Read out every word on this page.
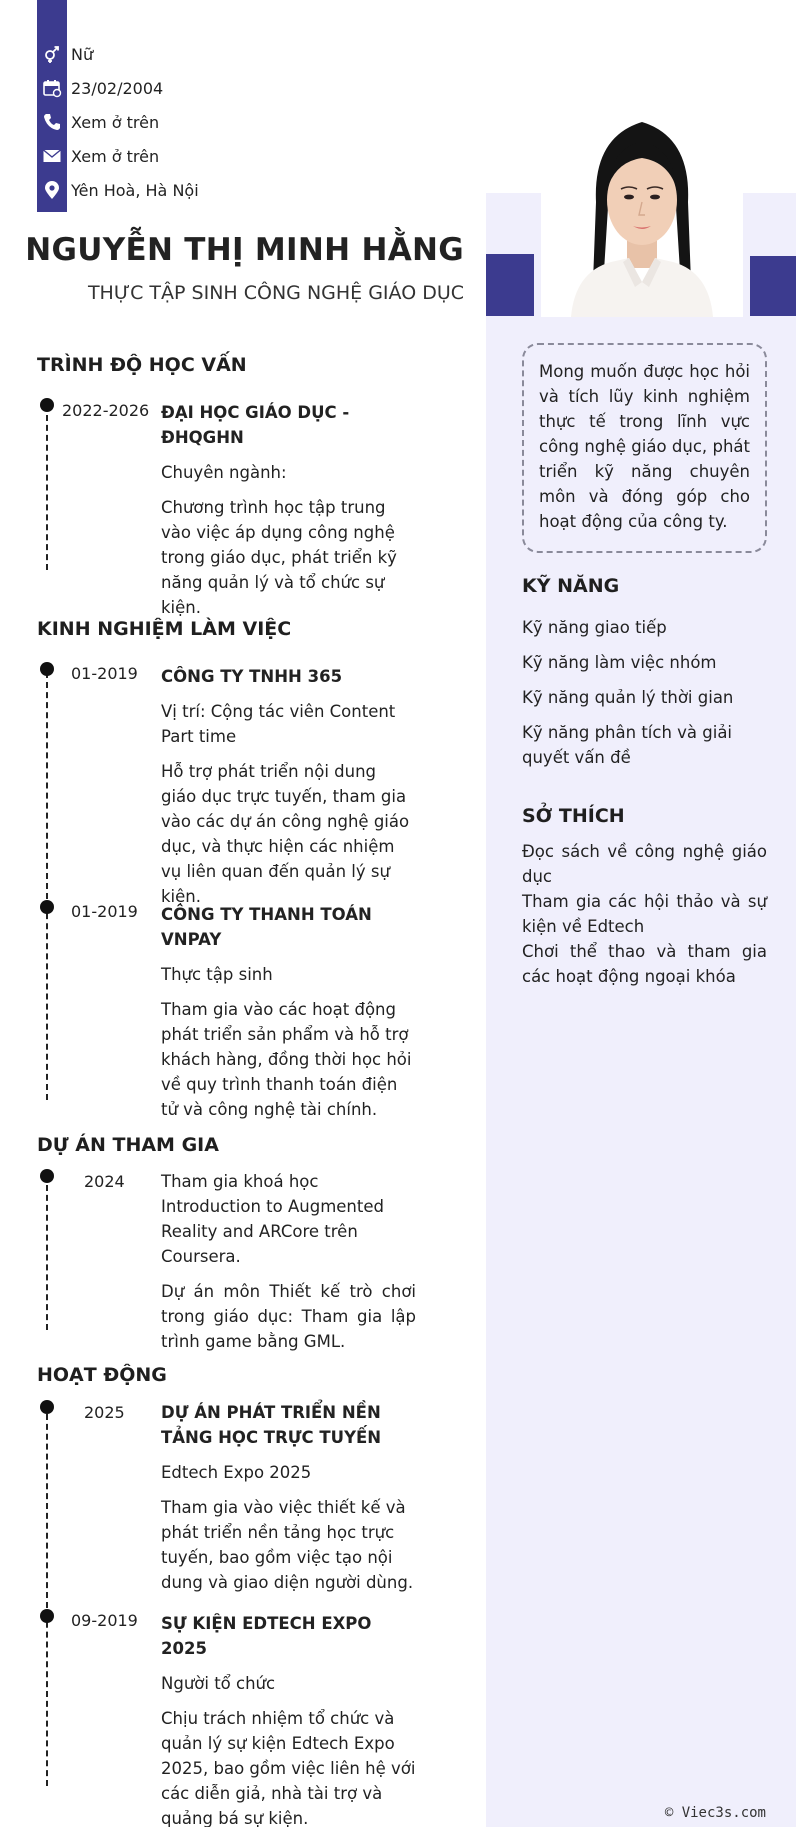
Nữ
23/02/2004
Xem ở trên
Xem ở trên
Yên Hoà, Hà Nội
NGUYỄN THỊ MINH HẰNG
THỰC TẬP SINH CÔNG NGHỆ GIÁO DỤC
TRÌNH ĐỘ HỌC VẤN
2022-2026 ĐẠI HỌC GIÁO DỤC - ĐHQGHN

Chuyên ngành:

Chương trình học tập trung vào việc áp dụng công nghệ trong giáo dục, phát triển kỹ năng quản lý và tổ chức sự kiện.

KINH NGHIỆM LÀM VIỆC
01-2019 CÔNG TY TNHH 365

Vị trí: Cộng tác viên Content Part time

Hỗ trợ phát triển nội dung giáo dục trực tuyến, tham gia vào các dự án công nghệ giáo dục, và thực hiện các nhiệm vụ liên quan đến quản lý sự kiện.

01-2019 CÔNG TY THANH TOÁN VNPAY

Thực tập sinh

Tham gia vào các hoạt động phát triển sản phẩm và hỗ trợ khách hàng, đồng thời học hỏi về quy trình thanh toán điện tử và công nghệ tài chính.

DỰ ÁN THAM GIA
2024 Tham gia khoá học Introduction to Augmented Reality and ARCore trên Coursera.

Dự án môn Thiết kế trò chơi trong giáo dục: Tham gia lập trình game bằng GML.

HOẠT ĐỘNG
2025 DỰ ÁN PHÁT TRIỂN NỀN TẢNG HỌC TRỰC TUYẾN

Edtech Expo 2025

Tham gia vào việc thiết kế và phát triển nền tảng học trực tuyến, bao gồm việc tạo nội dung và giao diện người dùng.

09-2019 SỰ KIỆN EDTECH EXPO 2025

Người tổ chức

Chịu trách nhiệm tổ chức và quản lý sự kiện Edtech Expo 2025, bao gồm việc liên hệ với các diễn giả, nhà tài trợ và quảng bá sự kiện.

Mong muốn được học hỏi và tích lũy kinh nghiệm thực tế trong lĩnh vực công nghệ giáo dục, phát triển kỹ năng chuyên môn và đóng góp cho hoạt động của công ty.
KỸ NĂNG
Kỹ năng giao tiếp
Kỹ năng làm việc nhóm
Kỹ năng quản lý thời gian
Kỹ năng phân tích và giải quyết vấn đề
SỞ THÍCH
Đọc sách về công nghệ giáo dục
Tham gia các hội thảo và sự kiện về Edtech
Chơi thể thao và tham gia các hoạt động ngoại khóa
© Viec3s.com
